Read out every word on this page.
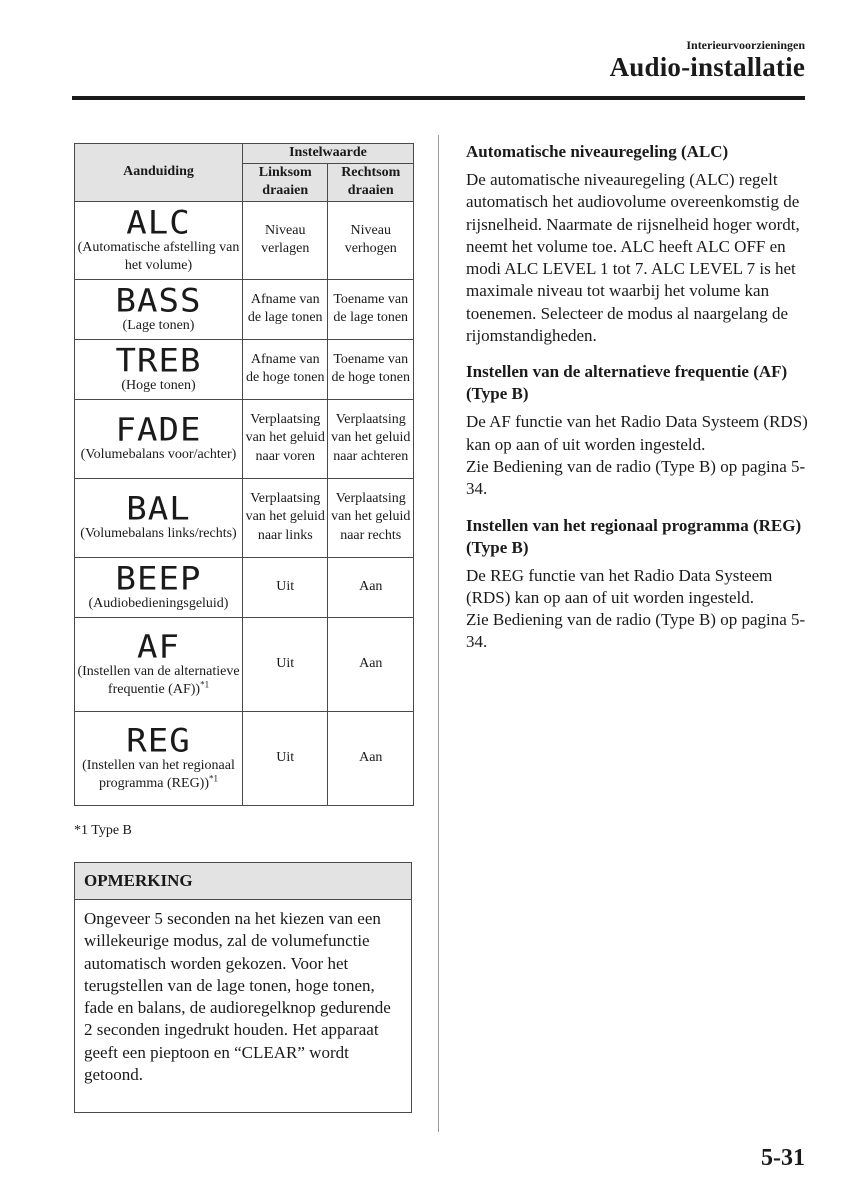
Interieurvoorzieningen
Audio-installatie
Aanduiding	Instelwaarde	
	Linksom draaien	Rechtsom draaien

ALC
(Automatische afstelling van het volume)	Niveau verlagen	Niveau verhogen

BASS
(Lage tonen)	Afname van de lage tonen	Toename van de lage tonen

TREB
(Hoge tonen)	Afname van de hoge tonen	Toename van de hoge tonen

FADE
(Volumebalans voor/achter)	Verplaatsing van het geluid naar voren	Verplaatsing van het geluid naar achteren

BAL
(Volumebalans links/rechts)	Verplaatsing van het geluid naar links	Verplaatsing van het geluid naar rechts

BEEP
(Audiobedieningsgeluid)	Uit	Aan

AF
(Instellen van de alternatieve frequentie (AF))$^{*1}$	Uit	Aan

REG
(Instellen van het regionaal programma (REG))$^{*1}$	Uit	Aan
*1 Type B
OPMERKING
Ongeveer 5 seconden na het kiezen van een willekeurige modus, zal de volumefunctie automatisch worden gekozen. Voor het terugstellen van de lage tonen, hoge tonen, fade en balans, de audioregelknop gedurende 2 seconden ingedrukt houden. Het apparaat geeft een pieptoon en “CLEAR” wordt getoond.
Automatische niveauregeling (ALC)

De automatische niveauregeling (ALC) regelt automatisch het audiovolume overeenkomstig de rijsnelheid. Naarmate de rijsnelheid hoger wordt, neemt het volume toe. ALC heeft ALC OFF en modi ALC LEVEL 1 tot 7. ALC LEVEL 7 is het maximale niveau tot waarbij het volume kan toenemen. Selecteer de modus al naargelang de rijomstandigheden.

Instellen van de alternatieve frequentie (AF) (Type B)

De AF functie van het Radio Data Systeem (RDS) kan op aan of uit worden ingesteld.

Zie Bediening van de radio (Type B) op pagina 5-34.

Instellen van het regionaal programma (REG) (Type B)

De REG functie van het Radio Data Systeem (RDS) kan op aan of uit worden ingesteld.

Zie Bediening van de radio (Type B) op pagina 5-34.

5-31
